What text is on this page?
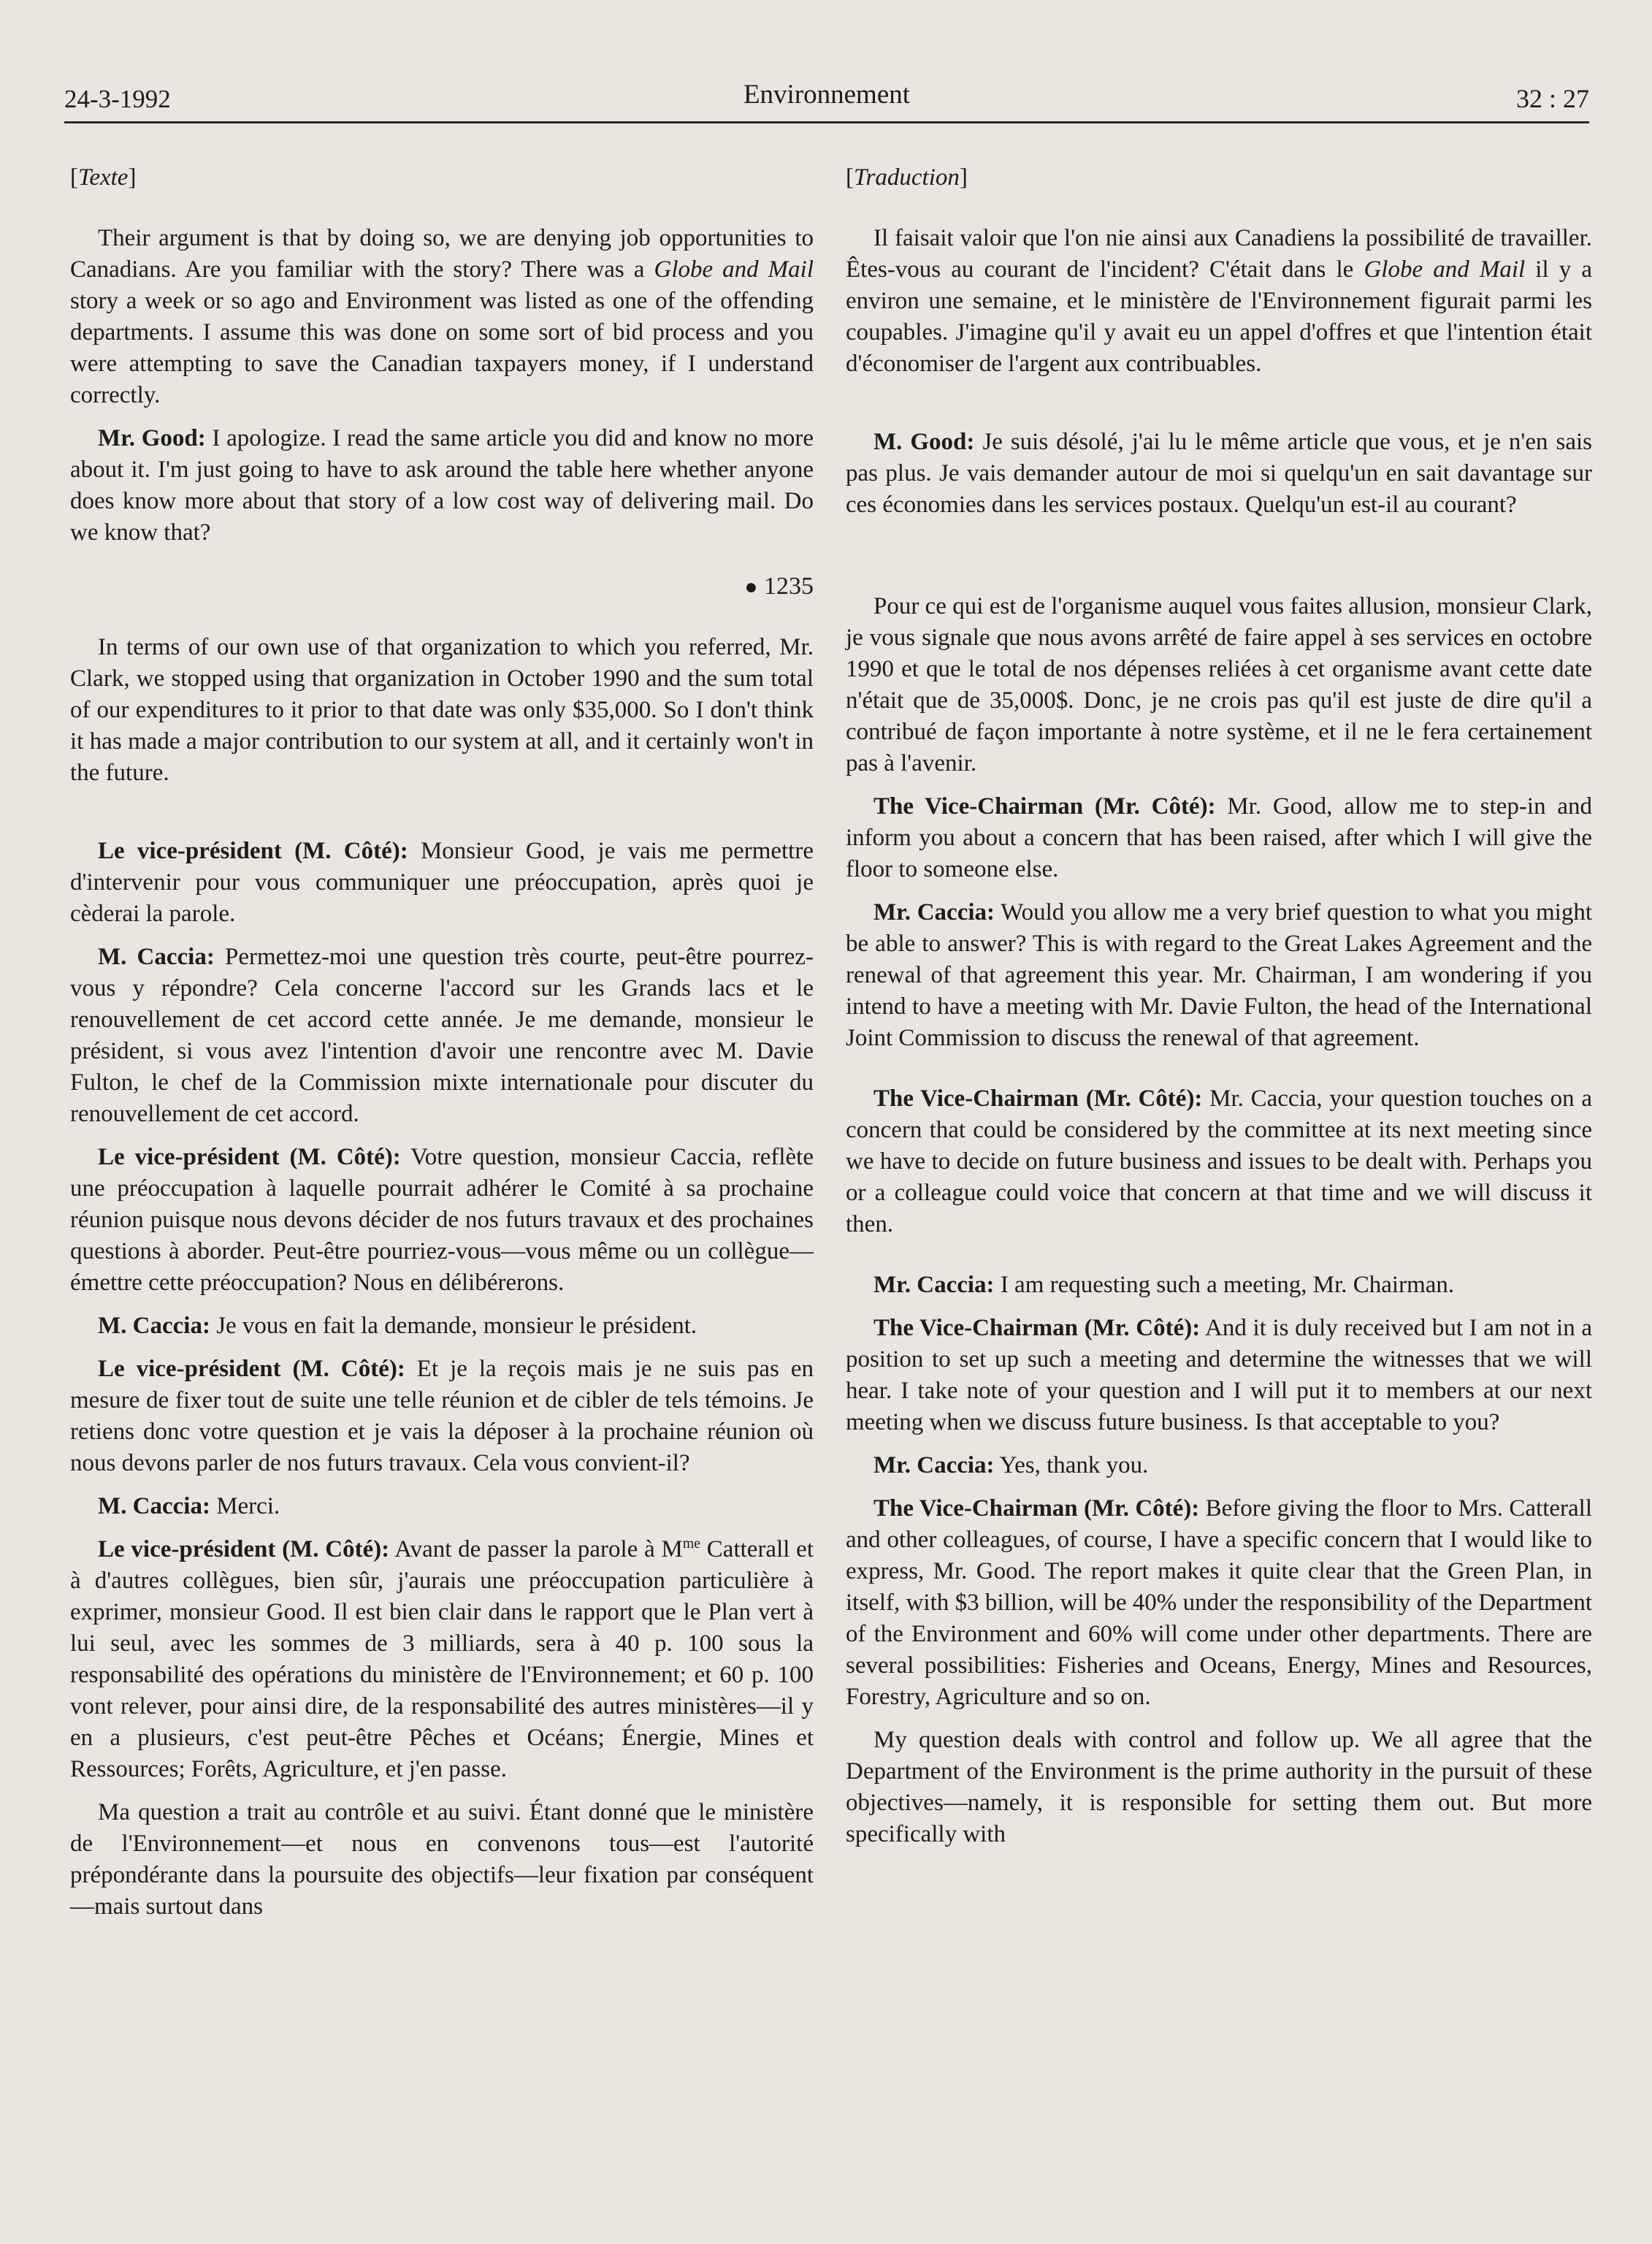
24-3-1992	Environnement	32 : 27
[Texte]

Their argument is that by doing so, we are denying job opportunities to Canadians. Are you familiar with the story? There was a Globe and Mail story a week or so ago and Environment was listed as one of the offending departments. I assume this was done on some sort of bid process and you were attempting to save the Canadian taxpayers money, if I understand correctly.

Mr. Good: I apologize. I read the same article you did and know no more about it. I'm just going to have to ask around the table here whether anyone does know more about that story of a low cost way of delivering mail. Do we know that?

● 1235

In terms of our own use of that organization to which you referred, Mr. Clark, we stopped using that organization in October 1990 and the sum total of our expenditures to it prior to that date was only $35,000. So I don't think it has made a major contribution to our system at all, and it certainly won't in the future.

Le vice-président (M. Côté): Monsieur Good, je vais me permettre d'intervenir pour vous communiquer une préoccupation, après quoi je cèderai la parole.

M. Caccia: Permettez-moi une question très courte, peut-être pourrez-vous y répondre? Cela concerne l'accord sur les Grands lacs et le renouvellement de cet accord cette année. Je me demande, monsieur le président, si vous avez l'intention d'avoir une rencontre avec M. Davie Fulton, le chef de la Commission mixte internationale pour discuter du renouvellement de cet accord.

Le vice-président (M. Côté): Votre question, monsieur Caccia, reflète une préoccupation à laquelle pourrait adhérer le Comité à sa prochaine réunion puisque nous devons décider de nos futurs travaux et des prochaines questions à aborder. Peut-être pourriez-vous—vous même ou un collègue—émettre cette préoccupation? Nous en délibérerons.

M. Caccia: Je vous en fait la demande, monsieur le président.

Le vice-président (M. Côté): Et je la reçois mais je ne suis pas en mesure de fixer tout de suite une telle réunion et de cibler de tels témoins. Je retiens donc votre question et je vais la déposer à la prochaine réunion où nous devons parler de nos futurs travaux. Cela vous convient-il?

M. Caccia: Merci.

Le vice-président (M. Côté): Avant de passer la parole à $M^{me}$ Catterall et à d'autres collègues, bien sûr, j'aurais une préoccupation particulière à exprimer, monsieur Good. Il est bien clair dans le rapport que le Plan vert à lui seul, avec les sommes de 3 milliards, sera à 40 p. 100 sous la responsabilité des opérations du ministère de l'Environnement; et 60 p. 100 vont relever, pour ainsi dire, de la responsabilité des autres ministères—il y en a plusieurs, c'est peut-être Pêches et Océans; Énergie, Mines et Ressources; Forêts, Agriculture, et j'en passe.

Ma question a trait au contrôle et au suivi. Étant donné que le ministère de l'Environnement—et nous en convenons tous—est l'autorité prépondérante dans la poursuite des objectifs—leur fixation par conséquent—mais surtout dans

[Traduction]

Il faisait valoir que l'on nie ainsi aux Canadiens la possibilité de travailler. Êtes-vous au courant de l'incident? C'était dans le Globe and Mail il y a environ une semaine, et le ministère de l'Environnement figurait parmi les coupables. J'imagine qu'il y avait eu un appel d'offres et que l'intention était d'économiser de l'argent aux contribuables.

M. Good: Je suis désolé, j'ai lu le même article que vous, et je n'en sais pas plus. Je vais demander autour de moi si quelqu'un en sait davantage sur ces économies dans les services postaux. Quelqu'un est-il au courant?

Pour ce qui est de l'organisme auquel vous faites allusion, monsieur Clark, je vous signale que nous avons arrêté de faire appel à ses services en octobre 1990 et que le total de nos dépenses reliées à cet organisme avant cette date n'était que de 35,000$. Donc, je ne crois pas qu'il est juste de dire qu'il a contribué de façon importante à notre système, et il ne le fera certainement pas à l'avenir.

The Vice-Chairman (Mr. Côté): Mr. Good, allow me to step-in and inform you about a concern that has been raised, after which I will give the floor to someone else.

Mr. Caccia: Would you allow me a very brief question to what you might be able to answer? This is with regard to the Great Lakes Agreement and the renewal of that agreement this year. Mr. Chairman, I am wondering if you intend to have a meeting with Mr. Davie Fulton, the head of the International Joint Commission to discuss the renewal of that agreement.

The Vice-Chairman (Mr. Côté): Mr. Caccia, your question touches on a concern that could be considered by the committee at its next meeting since we have to decide on future business and issues to be dealt with. Perhaps you or a colleague could voice that concern at that time and we will discuss it then.

Mr. Caccia: I am requesting such a meeting, Mr. Chairman.

The Vice-Chairman (Mr. Côté): And it is duly received but I am not in a position to set up such a meeting and determine the witnesses that we will hear. I take note of your question and I will put it to members at our next meeting when we discuss future business. Is that acceptable to you?

Mr. Caccia: Yes, thank you.

The Vice-Chairman (Mr. Côté): Before giving the floor to Mrs. Catterall and other colleagues, of course, I have a specific concern that I would like to express, Mr. Good. The report makes it quite clear that the Green Plan, in itself, with $3 billion, will be 40% under the responsibility of the Department of the Environment and 60% will come under other departments. There are several possibilities: Fisheries and Oceans, Energy, Mines and Resources, Forestry, Agriculture and so on.

My question deals with control and follow up. We all agree that the Department of the Environment is the prime authority in the pursuit of these objectives—namely, it is responsible for setting them out. But more specifically with
